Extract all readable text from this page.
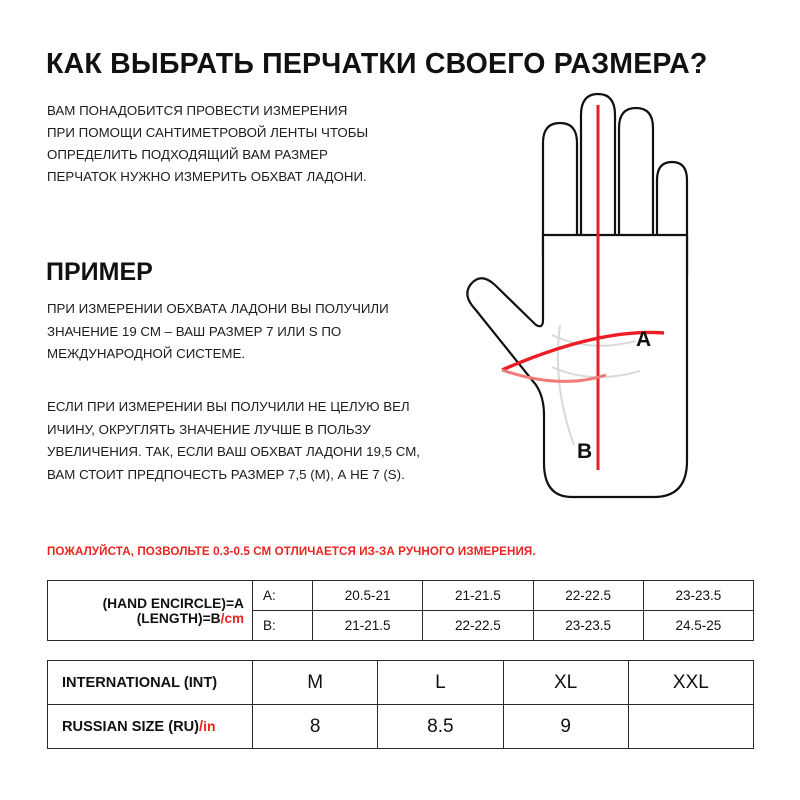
КАК ВЫБРАТЬ ПЕРЧАТКИ СВОЕГО РАЗМЕРА?
ВАМ ПОНАДОБИТСЯ ПРОВЕСТИ ИЗМЕРЕНИЯ ПРИ ПОМОЩИ САНТИМЕТРОВОЙ ЛЕНТЫ ЧТОБЫ ОПРЕДЕЛИТЬ ПОДХОДЯЩИЙ ВАМ РАЗМЕР ПЕРЧАТОК НУЖНО ИЗМЕРИТЬ ОБХВАТ ЛАДОНИ.
ПРИМЕР
ПРИ ИЗМЕРЕНИИ ОБХВАТА ЛАДОНИ ВЫ ПОЛУЧИЛИ ЗНАЧЕНИЕ 19 СМ – ВАШ РАЗМЕР 7 ИЛИ S ПО МЕЖДУНАРОДНОЙ СИСТЕМЕ.
ЕСЛИ ПРИ ИЗМЕРЕНИИ ВЫ ПОЛУЧИЛИ НЕ ЦЕЛУЮ ВЕЛ ИЧИНУ, ОКРУГЛЯТЬ ЗНАЧЕНИЕ ЛУЧШЕ В ПОЛЬЗУ УВЕЛИЧЕНИЯ. ТАК, ЕСЛИ ВАШ ОБХВАТ ЛАДОНИ 19,5 СМ, ВАМ СТОИТ ПРЕДПОЧЕСТЬ РАЗМЕР 7,5 (M), А НЕ 7 (S).
A
B
ПОЖАЛУЙСТА, ПОЗВОЛЬТЕ 0.3-0.5 СМ ОТЛИЧАЕТСЯ ИЗ-ЗА РУЧНОГО ИЗМЕРЕНИЯ.
(HAND ENCIRCLE)=A
(LENGTH)=B/cm	A:	20.5-21	21-21.5	22-22.5	23-23.5
	B:	21-21.5	22-22.5	23-23.5	24.5-25
INTERNATIONAL (INT)	M	L	XL	XXL
RUSSIAN SIZE (RU)/in	8	8.5	9	
